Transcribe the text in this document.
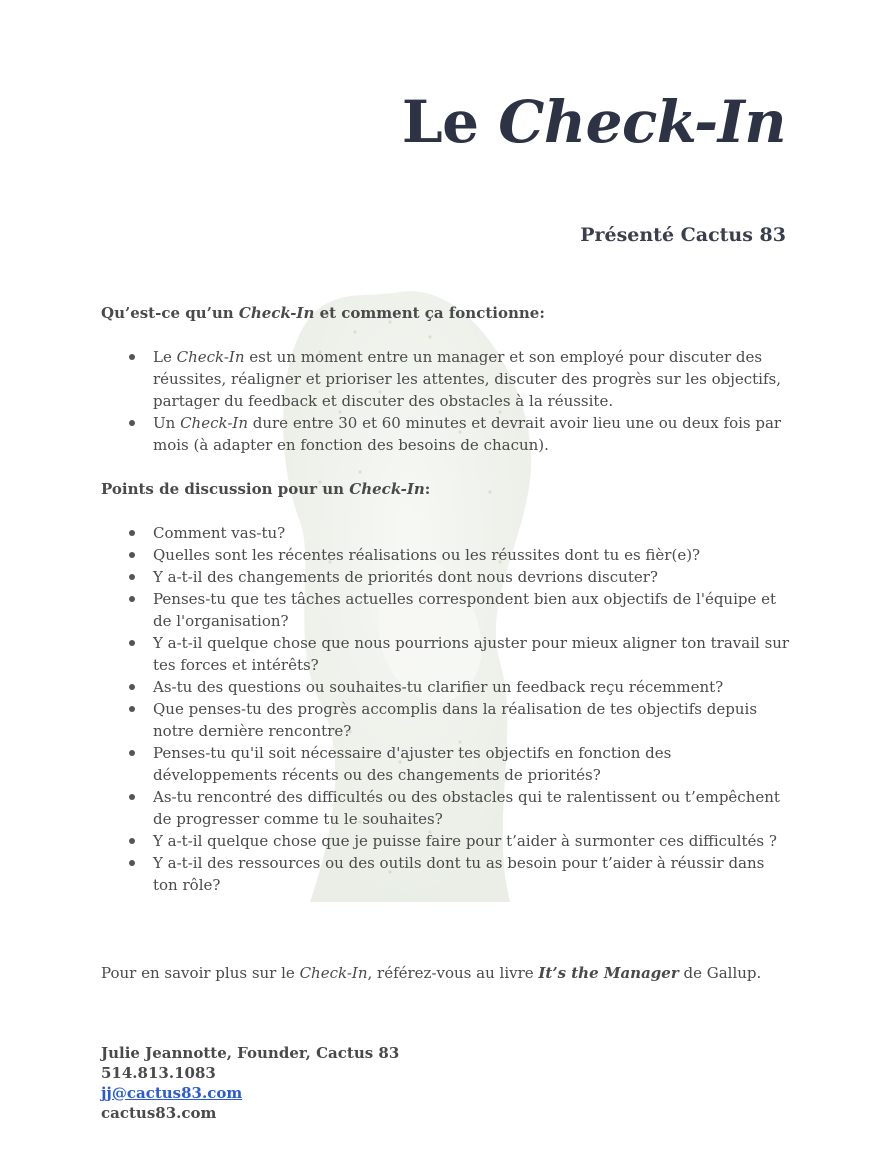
Le Check-In
Présenté Cactus 83

Qu’est-ce qu’un Check-In et comment ça fonctionne:

Le Check-In est un moment entre un manager et son employé pour discuter des réussites, réaligner et prioriser les attentes, discuter des progrès sur les objectifs, partager du feedback et discuter des obstacles à la réussite.
Un Check-In dure entre 30 et 60 minutes et devrait avoir lieu une ou deux fois par mois (à adapter en fonction des besoins de chacun).

Points de discussion pour un Check-In:

Comment vas-tu?
Quelles sont les récentes réalisations ou les réussites dont tu es fièr(e)?
Y a-t-il des changements de priorités dont nous devrions discuter?
Penses-tu que tes tâches actuelles correspondent bien aux objectifs de l'équipe et de l'organisation?
Y a-t-il quelque chose que nous pourrions ajuster pour mieux aligner ton travail sur tes forces et intérêts?
As-tu des questions ou souhaites-tu clarifier un feedback reçu récemment?
Que penses-tu des progrès accomplis dans la réalisation de tes objectifs depuis notre dernière rencontre?
Penses-tu qu'il soit nécessaire d'ajuster tes objectifs en fonction des développements récents ou des changements de priorités?
As-tu rencontré des difficultés ou des obstacles qui te ralentissent ou t’empêchent de progresser comme tu le souhaites?
Y a-t-il quelque chose que je puisse faire pour t’aider à surmonter ces difficultés ?
Y a-t-il des ressources ou des outils dont tu as besoin pour t’aider à réussir dans ton rôle?
Pour en savoir plus sur le Check-In, référez-vous au livre It’s the Manager de Gallup.
Julie Jeannotte, Founder, Cactus 83
514.813.1083
jj@cactus83.com
cactus83.com
